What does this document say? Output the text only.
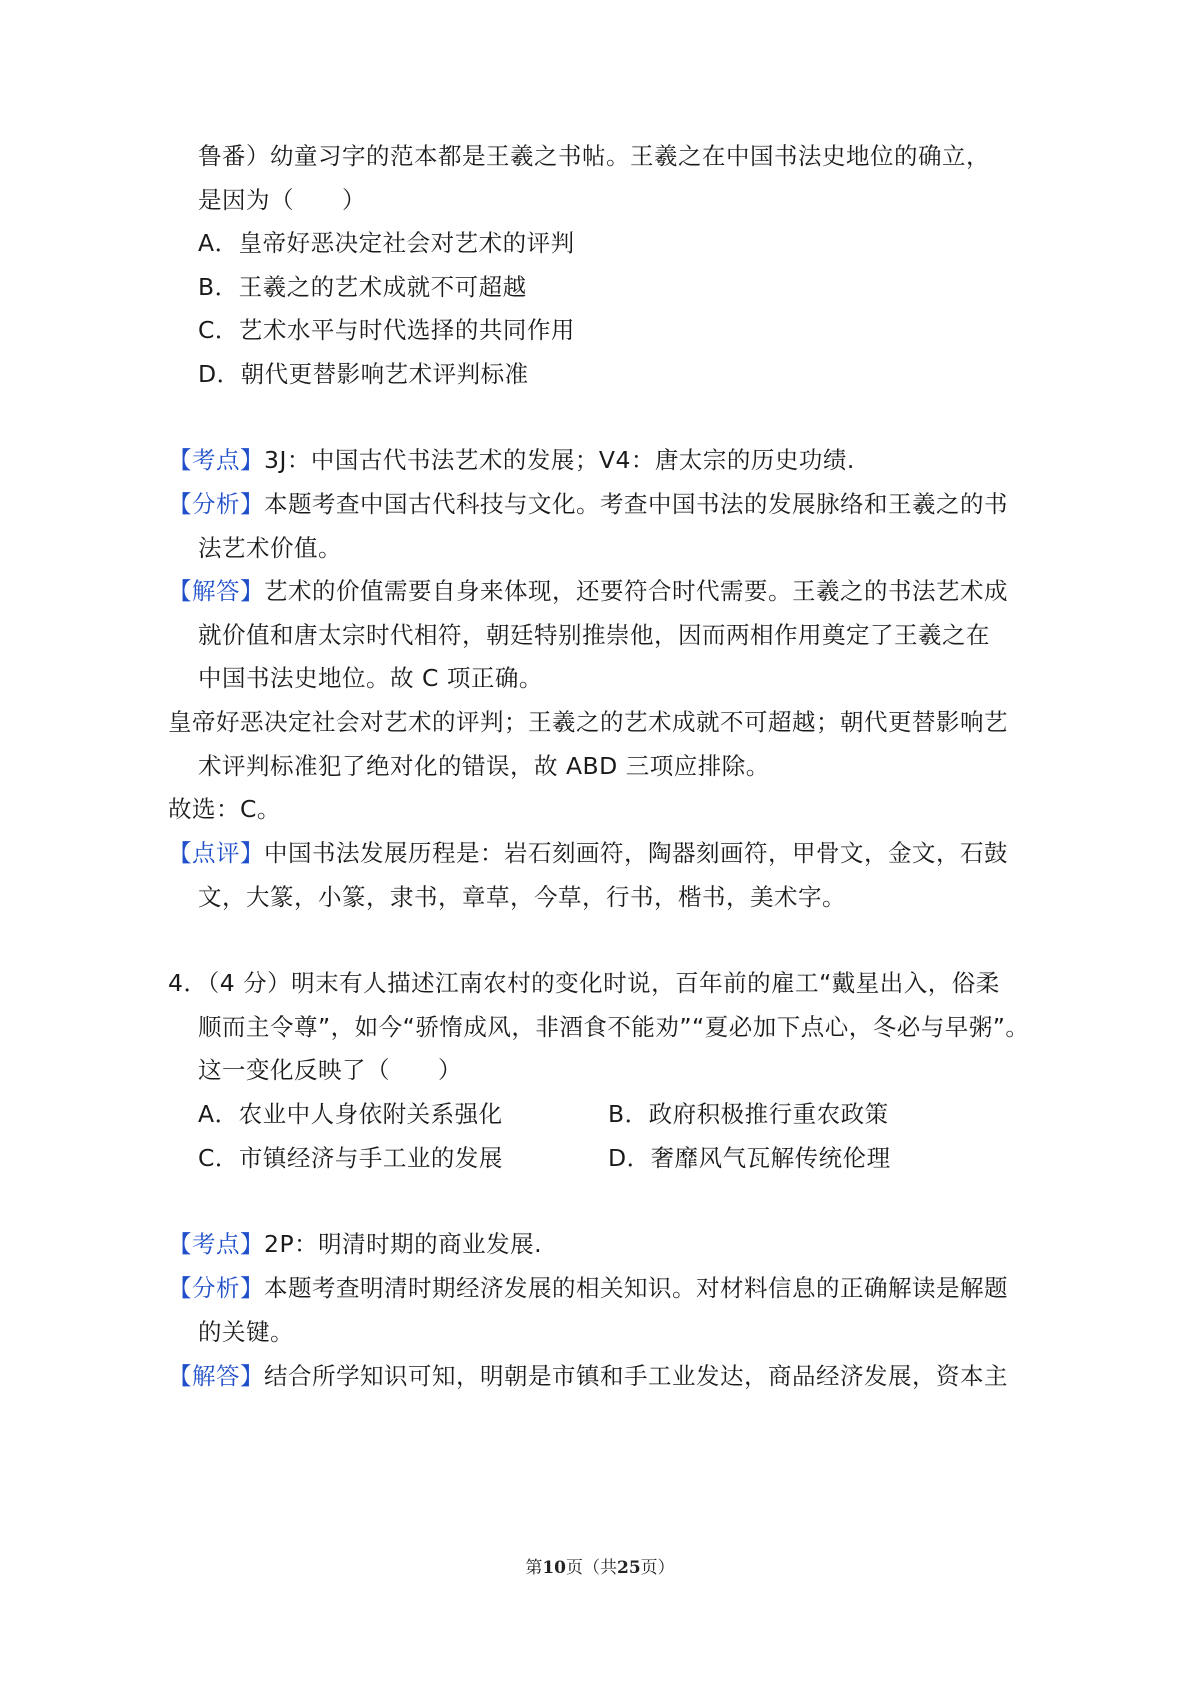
鲁番）幼童习字的范本都是王羲之书帖。王羲之在中国书法史地位的确立，
是因为（　　）
A．皇帝好恶决定社会对艺术的评判
B．王羲之的艺术成就不可超越
C．艺术水平与时代选择的共同作用
D．朝代更替影响艺术评判标准
【考点】3J：中国古代书法艺术的发展；V4：唐太宗的历史功绩.
【分析】本题考查中国古代科技与文化。考查中国书法的发展脉络和王羲之的书
法艺术价值。
【解答】艺术的价值需要自身来体现，还要符合时代需要。王羲之的书法艺术成
就价值和唐太宗时代相符，朝廷特别推崇他，因而两相作用奠定了王羲之在
中国书法史地位。故 C 项正确。
皇帝好恶决定社会对艺术的评判；王羲之的艺术成就不可超越；朝代更替影响艺
术评判标准犯了绝对化的错误，故 ABD 三项应排除。
故选：C。
【点评】中国书法发展历程是：岩石刻画符，陶器刻画符，甲骨文，金文，石鼓
文，大篆，小篆，隶书，章草，今草，行书，楷书，美术字。
4．（4 分）明末有人描述江南农村的变化时说，百年前的雇工“戴星出入，俗柔
顺而主令尊”，如今“骄惰成风，非酒食不能劝”“夏必加下点心，冬必与早粥”。
这一变化反映了（　　）
A．农业中人身依附关系强化	B．政府积极推行重农政策
C．市镇经济与手工业的发展	D．奢靡风气瓦解传统伦理
【考点】2P：明清时期的商业发展.
【分析】本题考查明清时期经济发展的相关知识。对材料信息的正确解读是解题
的关键。
【解答】结合所学知识可知，明朝是市镇和手工业发达，商品经济发展，资本主
第10页（共25页）
